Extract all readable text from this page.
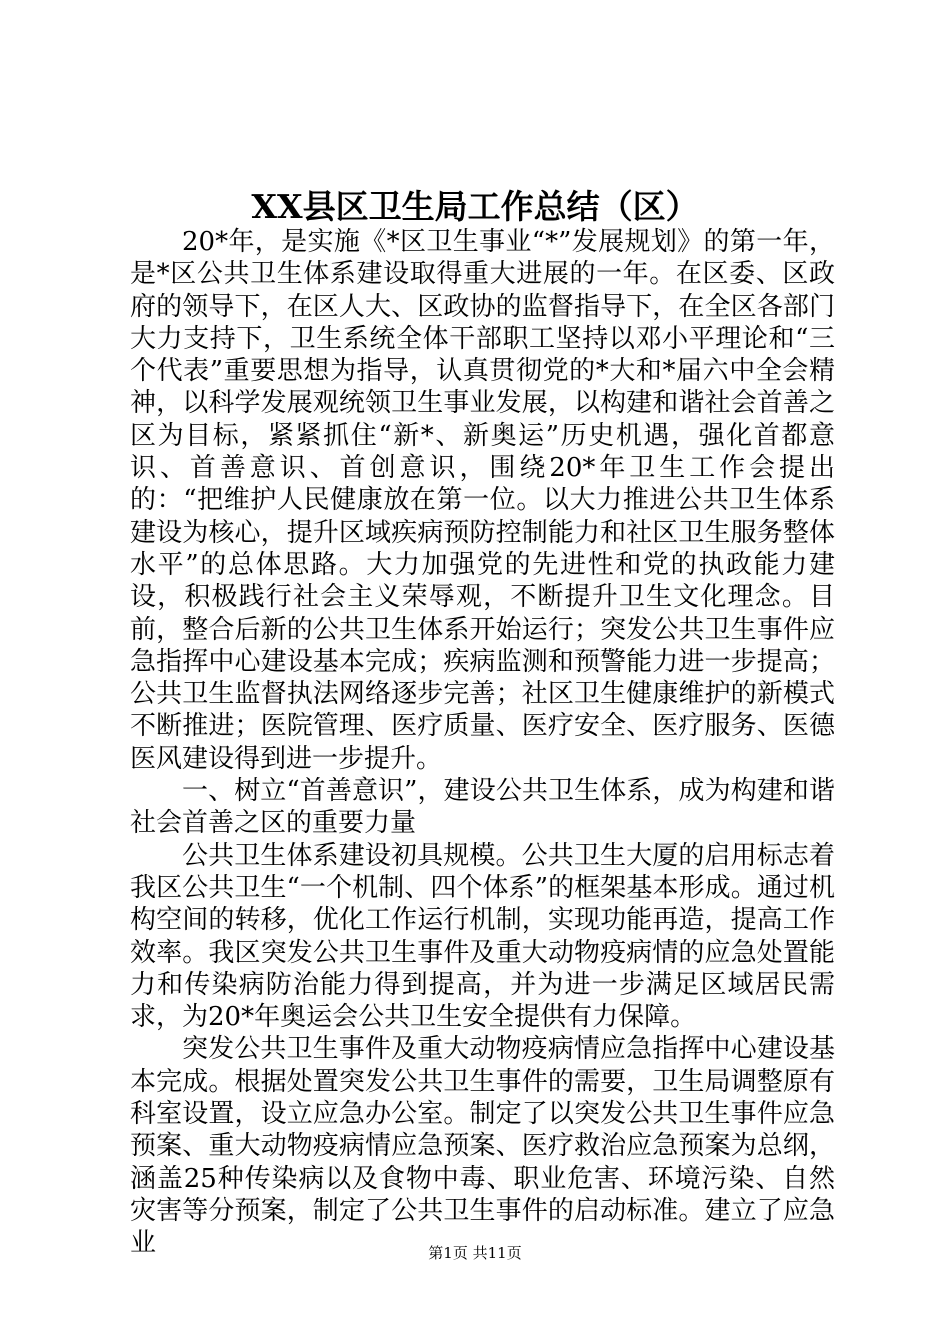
XX县区卫生局工作总结（区）

20*年，是实施《*区卫生事业“*”发展规划》的第一年，是*区公共卫生体系建设取得重大进展的一年。在区委、区政府的领导下，在区人大、区政协的监督指导下，在全区各部门大力支持下，卫生系统全体干部职工坚持以邓小平理论和“三个代表”重要思想为指导，认真贯彻党的*大和*届六中全会精神，以科学发展观统领卫生事业发展，以构建和谐社会首善之区为目标，紧紧抓住“新*、新奥运”历史机遇，强化首都意识、首善意识、首创意识，围绕20*年卫生工作会提出的：“把维护人民健康放在第一位。以大力推进公共卫生体系建设为核心，提升区域疾病预防控制能力和社区卫生服务整体水平”的总体思路。大力加强党的先进性和党的执政能力建设，积极践行社会主义荣辱观，不断提升卫生文化理念。目前，整合后新的公共卫生体系开始运行；突发公共卫生事件应急指挥中心建设基本完成；疾病监测和预警能力进一步提高；公共卫生监督执法网络逐步完善；社区卫生健康维护的新模式不断推进；医院管理、医疗质量、医疗安全、医疗服务、医德医风建设得到进一步提升。

一、树立“首善意识”，建设公共卫生体系，成为构建和谐社会首善之区的重要力量

公共卫生体系建设初具规模。公共卫生大厦的启用标志着我区公共卫生“一个机制、四个体系”的框架基本形成。通过机构空间的转移，优化工作运行机制，实现功能再造，提高工作效率。我区突发公共卫生事件及重大动物疫病情的应急处置能力和传染病防治能力得到提高，并为进一步满足区域居民需求，为20*年奥运会公共卫生安全提供有力保障。

突发公共卫生事件及重大动物疫病情应急指挥中心建设基本完成。根据处置突发公共卫生事件的需要，卫生局调整原有科室设置，设立应急办公室。制定了以突发公共卫生事件应急预案、重大动物疫病情应急预案、医疗救治应急预案为总纲，涵盖25种传染病以及食物中毒、职业危害、环境污染、自然灾害等分预案，制定了公共卫生事件的启动标准。建立了应急业	第1页 共11页
